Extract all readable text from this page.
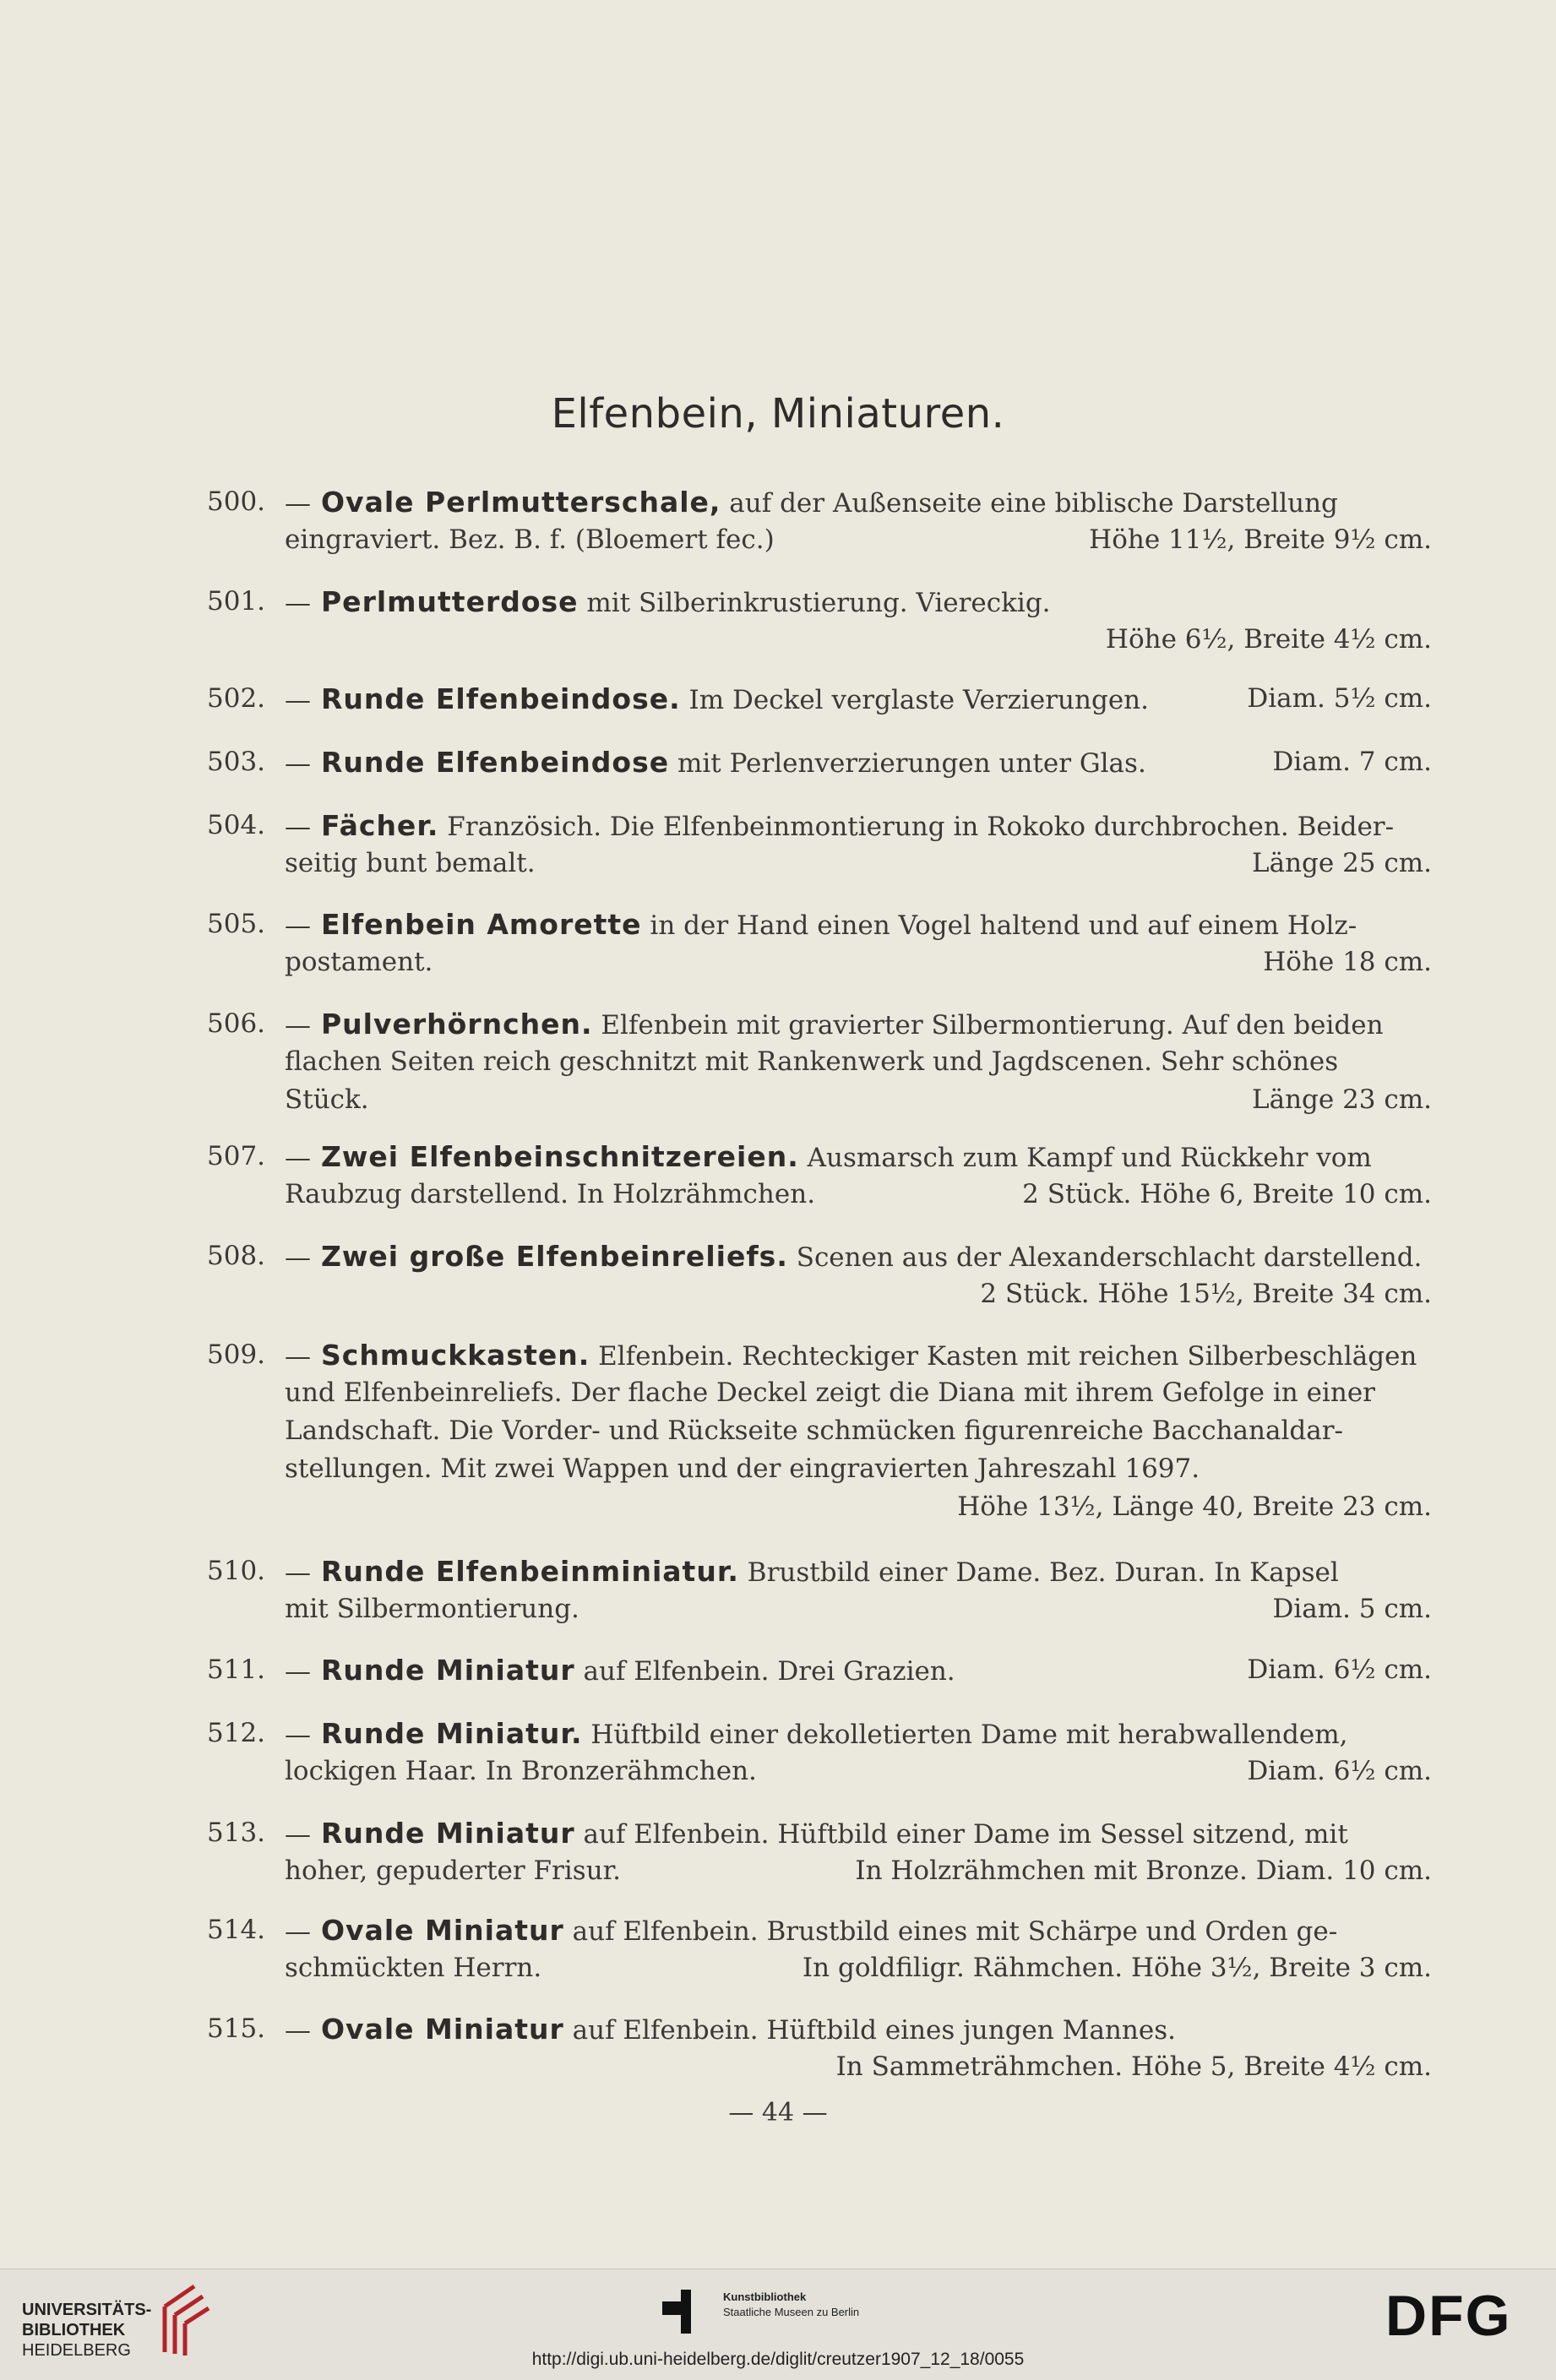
Elfenbein, Miniaturen.
500. — Ovale Perlmutterschale, auf der Außenseite eine biblische Darstellung
eingraviert. Bez. B. f. (Bloemert fec.)	Höhe 11½, Breite 9½ cm.
501. — Perlmutterdose mit Silberinkrustierung. Viereckig.
Höhe 6½, Breite 4½ cm.
502. — Runde Elfenbeindose. Im Deckel verglaste Verzierungen.	Diam. 5½ cm.
503. — Runde Elfenbeindose mit Perlenverzierungen unter Glas.	Diam. 7 cm.
504. — Fächer. Französich. Die Elfenbeinmontierung in Rokoko durchbrochen. Beider-
seitig bunt bemalt.	Länge 25 cm.
505. — Elfenbein Amorette in der Hand einen Vogel haltend und auf einem Holz-
postament.	Höhe 18 cm.
506. — Pulverhörnchen. Elfenbein mit gravierter Silbermontierung. Auf den beiden
flachen Seiten reich geschnitzt mit Rankenwerk und Jagdscenen. Sehr schönes
Stück.	Länge 23 cm.
507. — Zwei Elfenbeinschnitzereien. Ausmarsch zum Kampf und Rückkehr vom
Raubzug darstellend. In Holzrähmchen.	2 Stück. Höhe 6, Breite 10 cm.
508. — Zwei große Elfenbeinreliefs. Scenen aus der Alexanderschlacht darstellend.
2 Stück. Höhe 15½, Breite 34 cm.
509. — Schmuckkasten. Elfenbein. Rechteckiger Kasten mit reichen Silberbeschlägen
und Elfenbeinreliefs. Der flache Deckel zeigt die Diana mit ihrem Gefolge in einer
Landschaft. Die Vorder- und Rückseite schmücken figurenreiche Bacchanaldar-
stellungen. Mit zwei Wappen und der eingravierten Jahreszahl 1697.
Höhe 13½, Länge 40, Breite 23 cm.
510. — Runde Elfenbeinminiatur. Brustbild einer Dame. Bez. Duran. In Kapsel
mit Silbermontierung.	Diam. 5 cm.
511. — Runde Miniatur auf Elfenbein. Drei Grazien.	Diam. 6½ cm.
512. — Runde Miniatur. Hüftbild einer dekolletierten Dame mit herabwallendem,
lockigen Haar. In Bronzerähmchen.	Diam. 6½ cm.
513. — Runde Miniatur auf Elfenbein. Hüftbild einer Dame im Sessel sitzend, mit
hoher, gepuderter Frisur.	In Holzrähmchen mit Bronze. Diam. 10 cm.
514. — Ovale Miniatur auf Elfenbein. Brustbild eines mit Schärpe und Orden ge-
schmückten Herrn.	In goldfiligr. Rähmchen. Höhe 3½, Breite 3 cm.
515. — Ovale Miniatur auf Elfenbein. Hüftbild eines jungen Mannes.
In Sammeträhmchen. Höhe 5, Breite 4½ cm.
— 44 —
UNIVERSITÄTS-
BIBLIOTHEK
HEIDELBERG
Kunstbibliothek
Staatliche Museen zu Berlin	DFG
http://digi.ub.uni-heidelberg.de/diglit/creutzer1907_12_18/0055
